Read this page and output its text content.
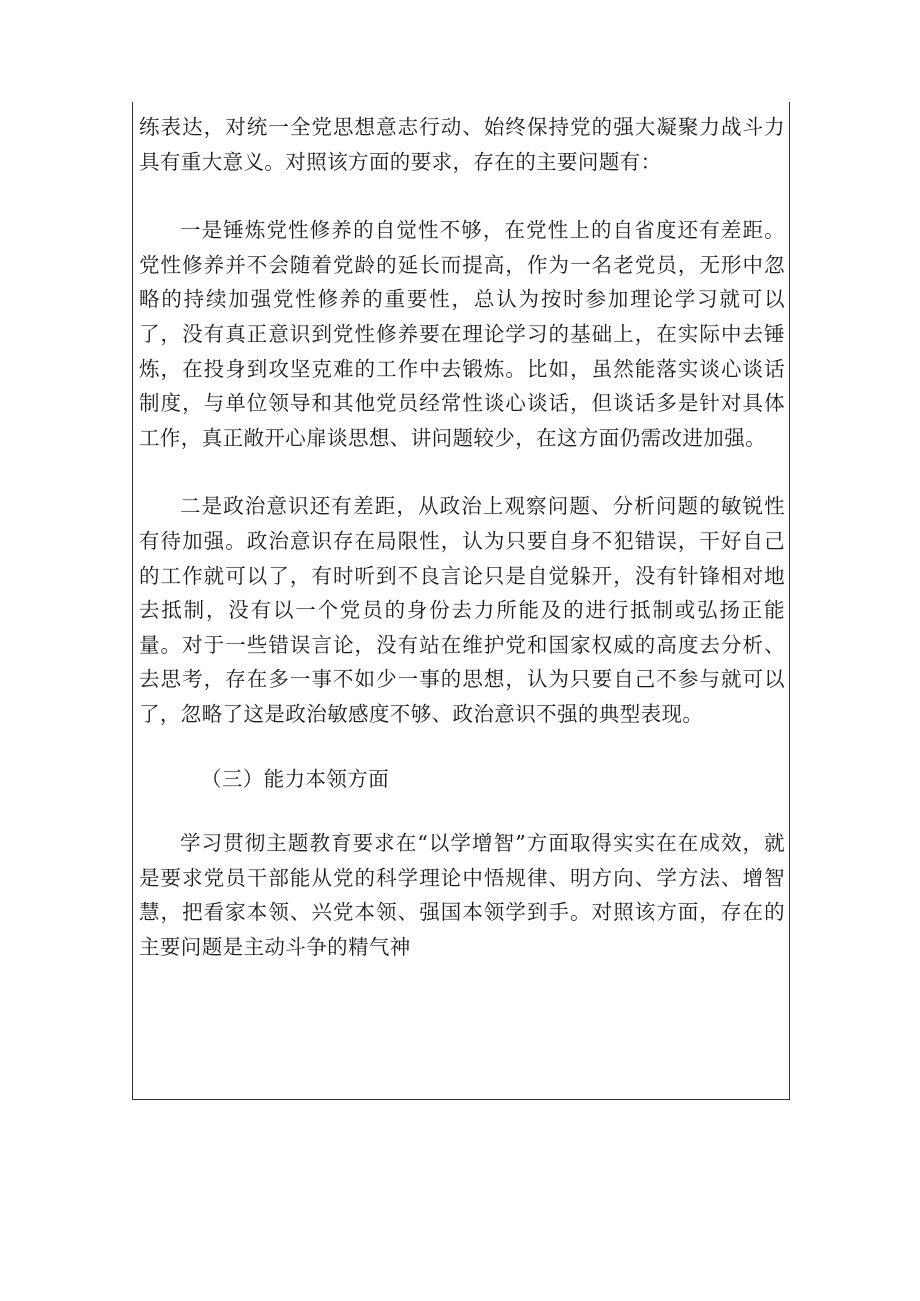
练表达，对统一全党思想意志行动、始终保持党的强大凝聚力战斗力具有重大意义。对照该方面的要求，存在的主要问题有：

一是锤炼党性修养的自觉性不够，在党性上的自省度还有差距。党性修养并不会随着党龄的延长而提高，作为一名老党员，无形中忽略的持续加强党性修养的重要性，总认为按时参加理论学习就可以了，没有真正意识到党性修养要在理论学习的基础上，在实际中去锤炼，在投身到攻坚克难的工作中去锻炼。比如，虽然能落实谈心谈话制度，与单位领导和其他党员经常性谈心谈话，但谈话多是针对具体工作，真正敞开心扉谈思想、讲问题较少，在这方面仍需改进加强。

二是政治意识还有差距，从政治上观察问题、分析问题的敏锐性有待加强。政治意识存在局限性，认为只要自身不犯错误，干好自己的工作就可以了，有时听到不良言论只是自觉躲开，没有针锋相对地去抵制，没有以一个党员的身份去力所能及的进行抵制或弘扬正能量。对于一些错误言论，没有站在维护党和国家权威的高度去分析、去思考，存在多一事不如少一事的思想，认为只要自己不参与就可以了，忽略了这是政治敏感度不够、政治意识不强的典型表现。

（三）能力本领方面

学习贯彻主题教育要求在“以学增智”方面取得实实在在成效，就是要求党员干部能从党的科学理论中悟规律、明方向、学方法、增智慧，把看家本领、兴党本领、强国本领学到手。对照该方面，存在的主要问题是主动斗争的精气神
